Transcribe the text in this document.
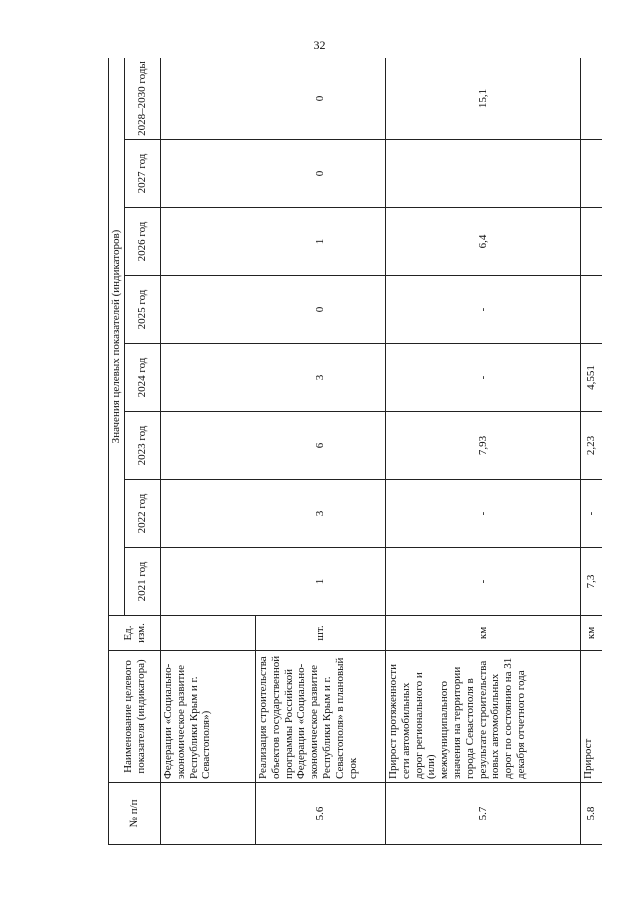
32
№ п/п	Наименование целевого показателя (индикатора)	Ед. изм.	Значения целевых показателей (индикаторов)							
			2021 год	2022 год	2023 год	2024 год	2025 год	2026 год	2027 год	2028–2030 годы
	Федерации «Социально-экономическое развитие Республики Крым и г. Севастополя»)									
5.6	Реализация строительства объектов государственной программы Российской Федерации «Социально-экономическое развитие Республики Крым и г. Севастополя» в плановый срок	шт.	1	3	6	3	0	1	0	0
5.7	Прирост протяженности сети автомобильных дорог регионального и (или) межмуниципального значения на территории города Севастополя в результате строительства новых автомобильных дорог по состоянию на 31 декабря отчетного года	км	-	-	7,93	-	-	6,4		15,1
5.8	Прирост	км	7,3	-	2,23	4,551				
